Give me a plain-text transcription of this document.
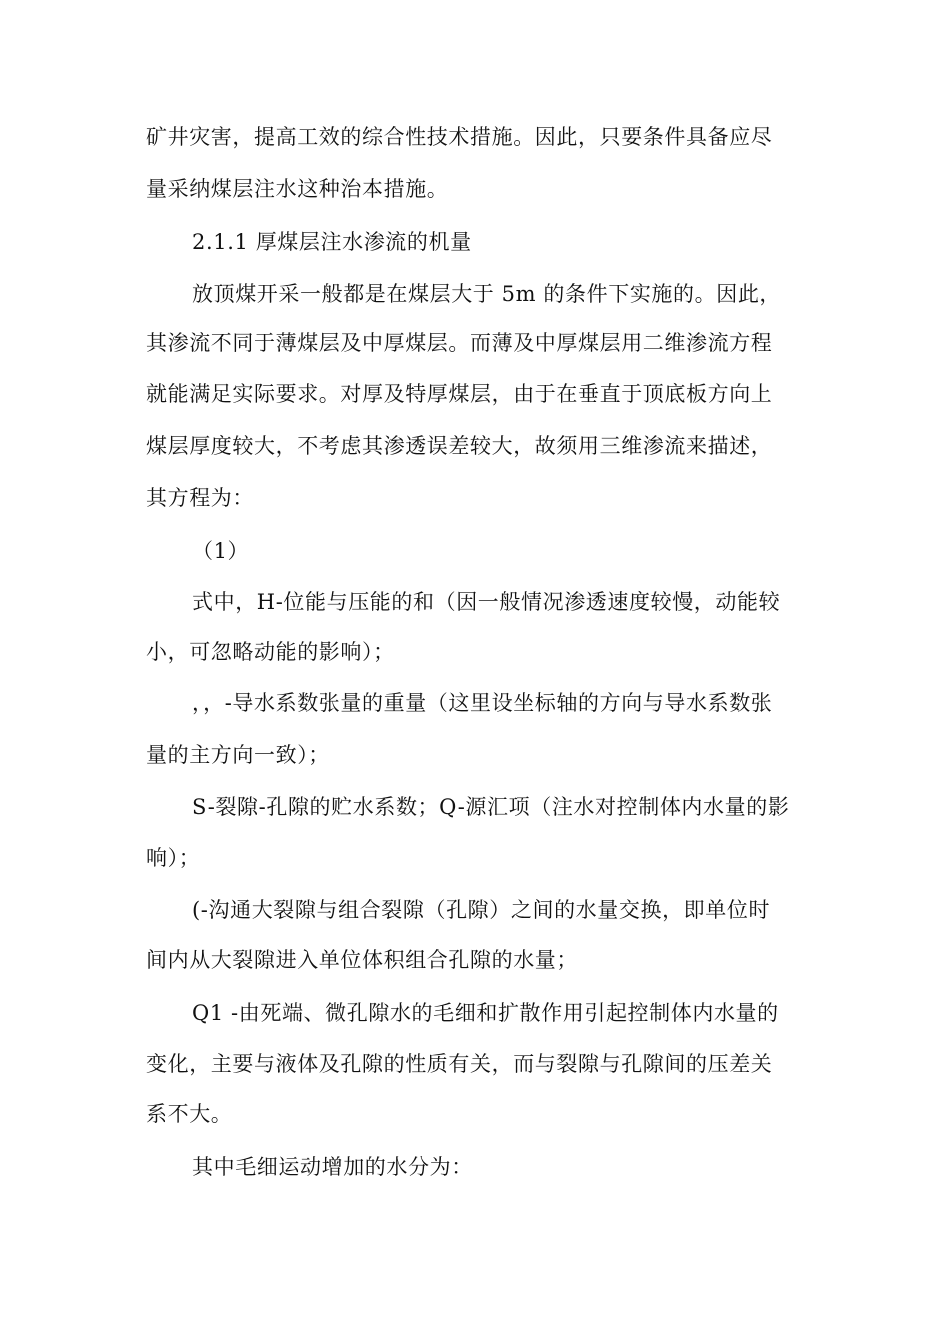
矿井灾害，提高工效的综合性技术措施。因此，只要条件具备应尽
量采纳煤层注水这种治本措施。
2.1.1 厚煤层注水渗流的机量
放顶煤开采一般都是在煤层大于 5m 的条件下实施的。因此，
其渗流不同于薄煤层及中厚煤层。而薄及中厚煤层用二维渗流方程
就能满足实际要求。对厚及特厚煤层，由于在垂直于顶底板方向上
煤层厚度较大，不考虑其渗透误差较大，故须用三维渗流来描述，
其方程为：
（1）
式中，H-位能与压能的和（因一般情况渗透速度较慢，动能较
小，可忽略动能的影响）；
，，-导水系数张量的重量（这里设坐标轴的方向与导水系数张
量的主方向一致）；
S-裂隙-孔隙的贮水系数；Q-源汇项（注水对控制体内水量的影
响）；
(-沟通大裂隙与组合裂隙（孔隙）之间的水量交换，即单位时
间内从大裂隙进入单位体积组合孔隙的水量；
Q1 -由死端、微孔隙水的毛细和扩散作用引起控制体内水量的
变化，主要与液体及孔隙的性质有关，而与裂隙与孔隙间的压差关
系不大。
其中毛细运动增加的水分为：
